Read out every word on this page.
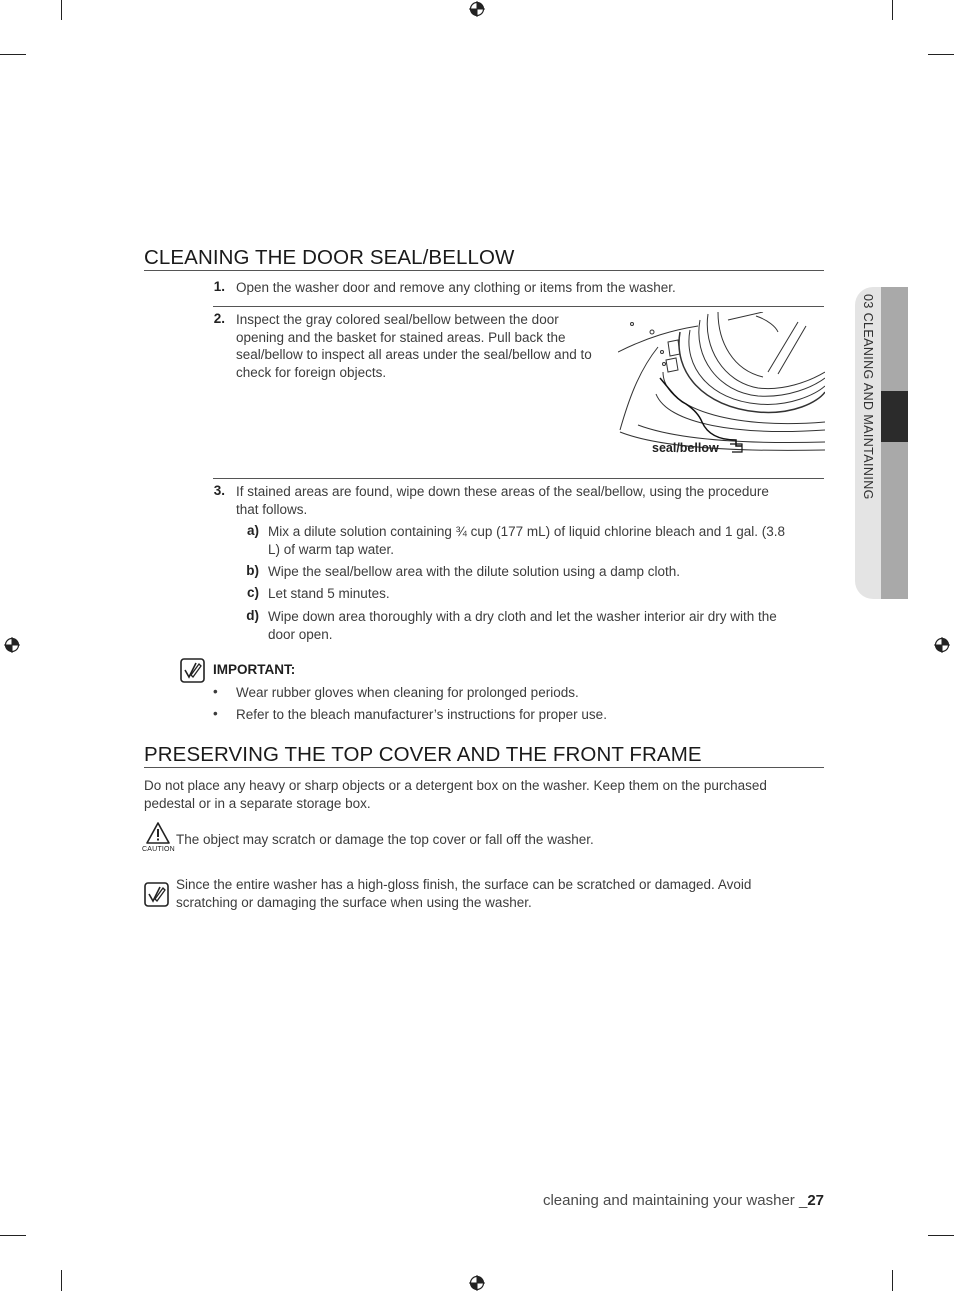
03 CLEANING AND MAINTAINING
CLEANING THE DOOR SEAL/BELLOW
1. Open the washer door and remove any clothing or items from the washer.
2. Inspect the gray colored seal/bellow between the door
opening and the basket for stained areas. Pull back the
seal/bellow to inspect all areas under the seal/bellow and to
check for foreign objects.
seal/bellow
3. If stained areas are found, wipe down these areas of the seal/bellow, using the procedure
that follows.
a) Mix a dilute solution containing ¾ cup (177 mL) of liquid chlorine bleach and 1 gal. (3.8
L) of warm tap water.
b) Wipe the seal/bellow area with the dilute solution using a damp cloth.
c) Let stand 5 minutes.
d) Wipe down area thoroughly with a dry cloth and let the washer interior air dry with the
door open.
IMPORTANT:
• Wear rubber gloves when cleaning for prolonged periods.
• Refer to the bleach manufacturer’s instructions for proper use.
PRESERVING THE TOP COVER AND THE FRONT FRAME
Do not place any heavy or sharp objects or a detergent box on the washer. Keep them on the purchased
pedestal or in a separate storage box.
CAUTION
The object may scratch or damage the top cover or fall off the washer.
Since the entire washer has a high-gloss finish, the surface can be scratched or damaged. Avoid
scratching or damaging the surface when using the washer.
cleaning and maintaining your washer _27
